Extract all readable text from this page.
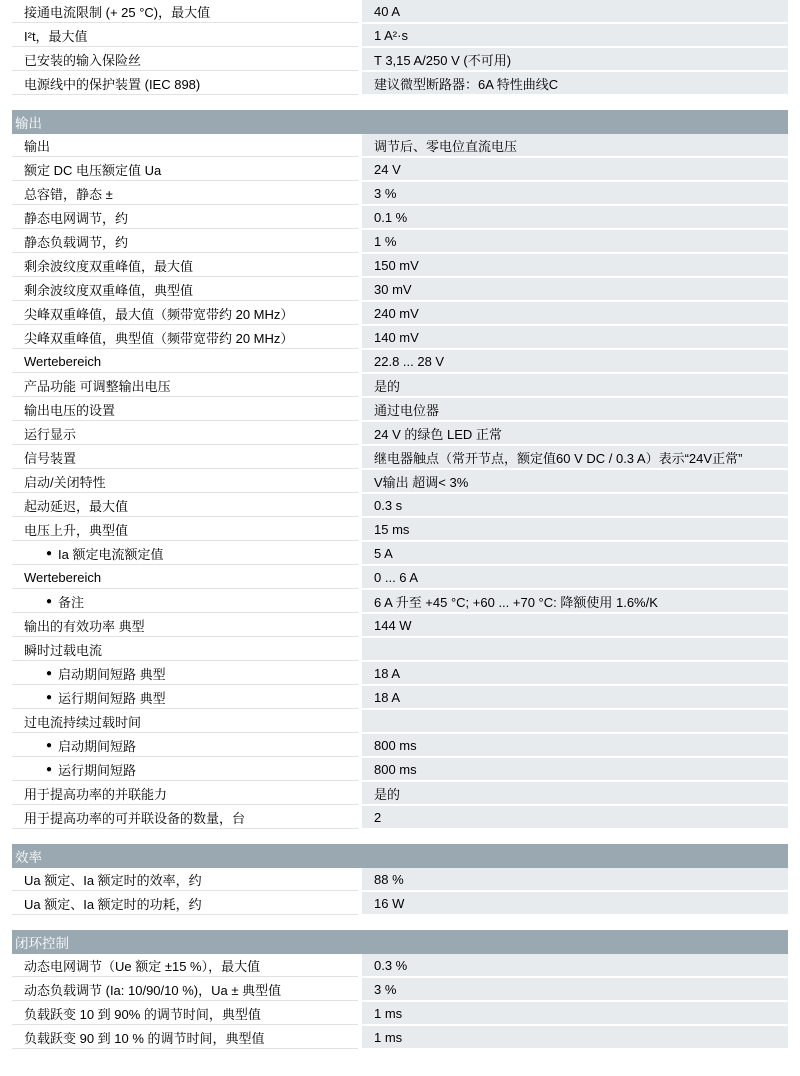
接通电流限制 (+ 25 °C)，最大值	40 A
I²t，最大值	1 A²·s
已安装的输入保险丝	T 3,15 A/250 V (不可用)
电源线中的保护装置 (IEC 898)	建议微型断路器：6A 特性曲线C
输出
输出	调节后、零电位直流电压
额定 DC 电压额定值 Ua	24 V
总容错，静态 ±	3 %
静态电网调节，约	0.1 %
静态负载调节，约	1 %
剩余波纹度双重峰值，最大值	150 mV
剩余波纹度双重峰值，典型值	30 mV
尖峰双重峰值，最大值（频带宽带约 20 MHz）	240 mV
尖峰双重峰值，典型值（频带宽带约 20 MHz）	140 mV
Wertebereich	22.8 ... 28 V
产品功能 可调整输出电压	是的
输出电压的设置	通过电位器
运行显示	24 V 的绿色 LED 正常
信号装置	继电器触点（常开节点，额定值60 V DC / 0.3 A）表示“24V正常”
启动/关闭特性	V输出 超调< 3%
起动延迟，最大值	0.3 s
电压上升，典型值	15 ms
● Ia 额定电流额定值	5 A
Wertebereich	0 ... 6 A
● 备注	6 A 升至 +45 °C; +60 ... +70 °C: 降额使用 1.6%/K
输出的有效功率 典型	144 W
瞬时过载电流
● 启动期间短路 典型	18 A
● 运行期间短路 典型	18 A
过电流持续过载时间
● 启动期间短路	800 ms
● 运行期间短路	800 ms
用于提高功率的并联能力	是的
用于提高功率的可并联设备的数量，台	2
效率
Ua 额定、Ia 额定时的效率，约	88 %
Ua 额定、Ia 额定时的功耗，约	16 W
闭环控制
动态电网调节（Ue 额定 ±15 %），最大值	0.3 %
动态负载调节 (Ia: 10/90/10 %)，Ua ± 典型值	3 %
负载跃变 10 到 90% 的调节时间，典型值	1 ms
负载跃变 90 到 10 % 的调节时间，典型值	1 ms
